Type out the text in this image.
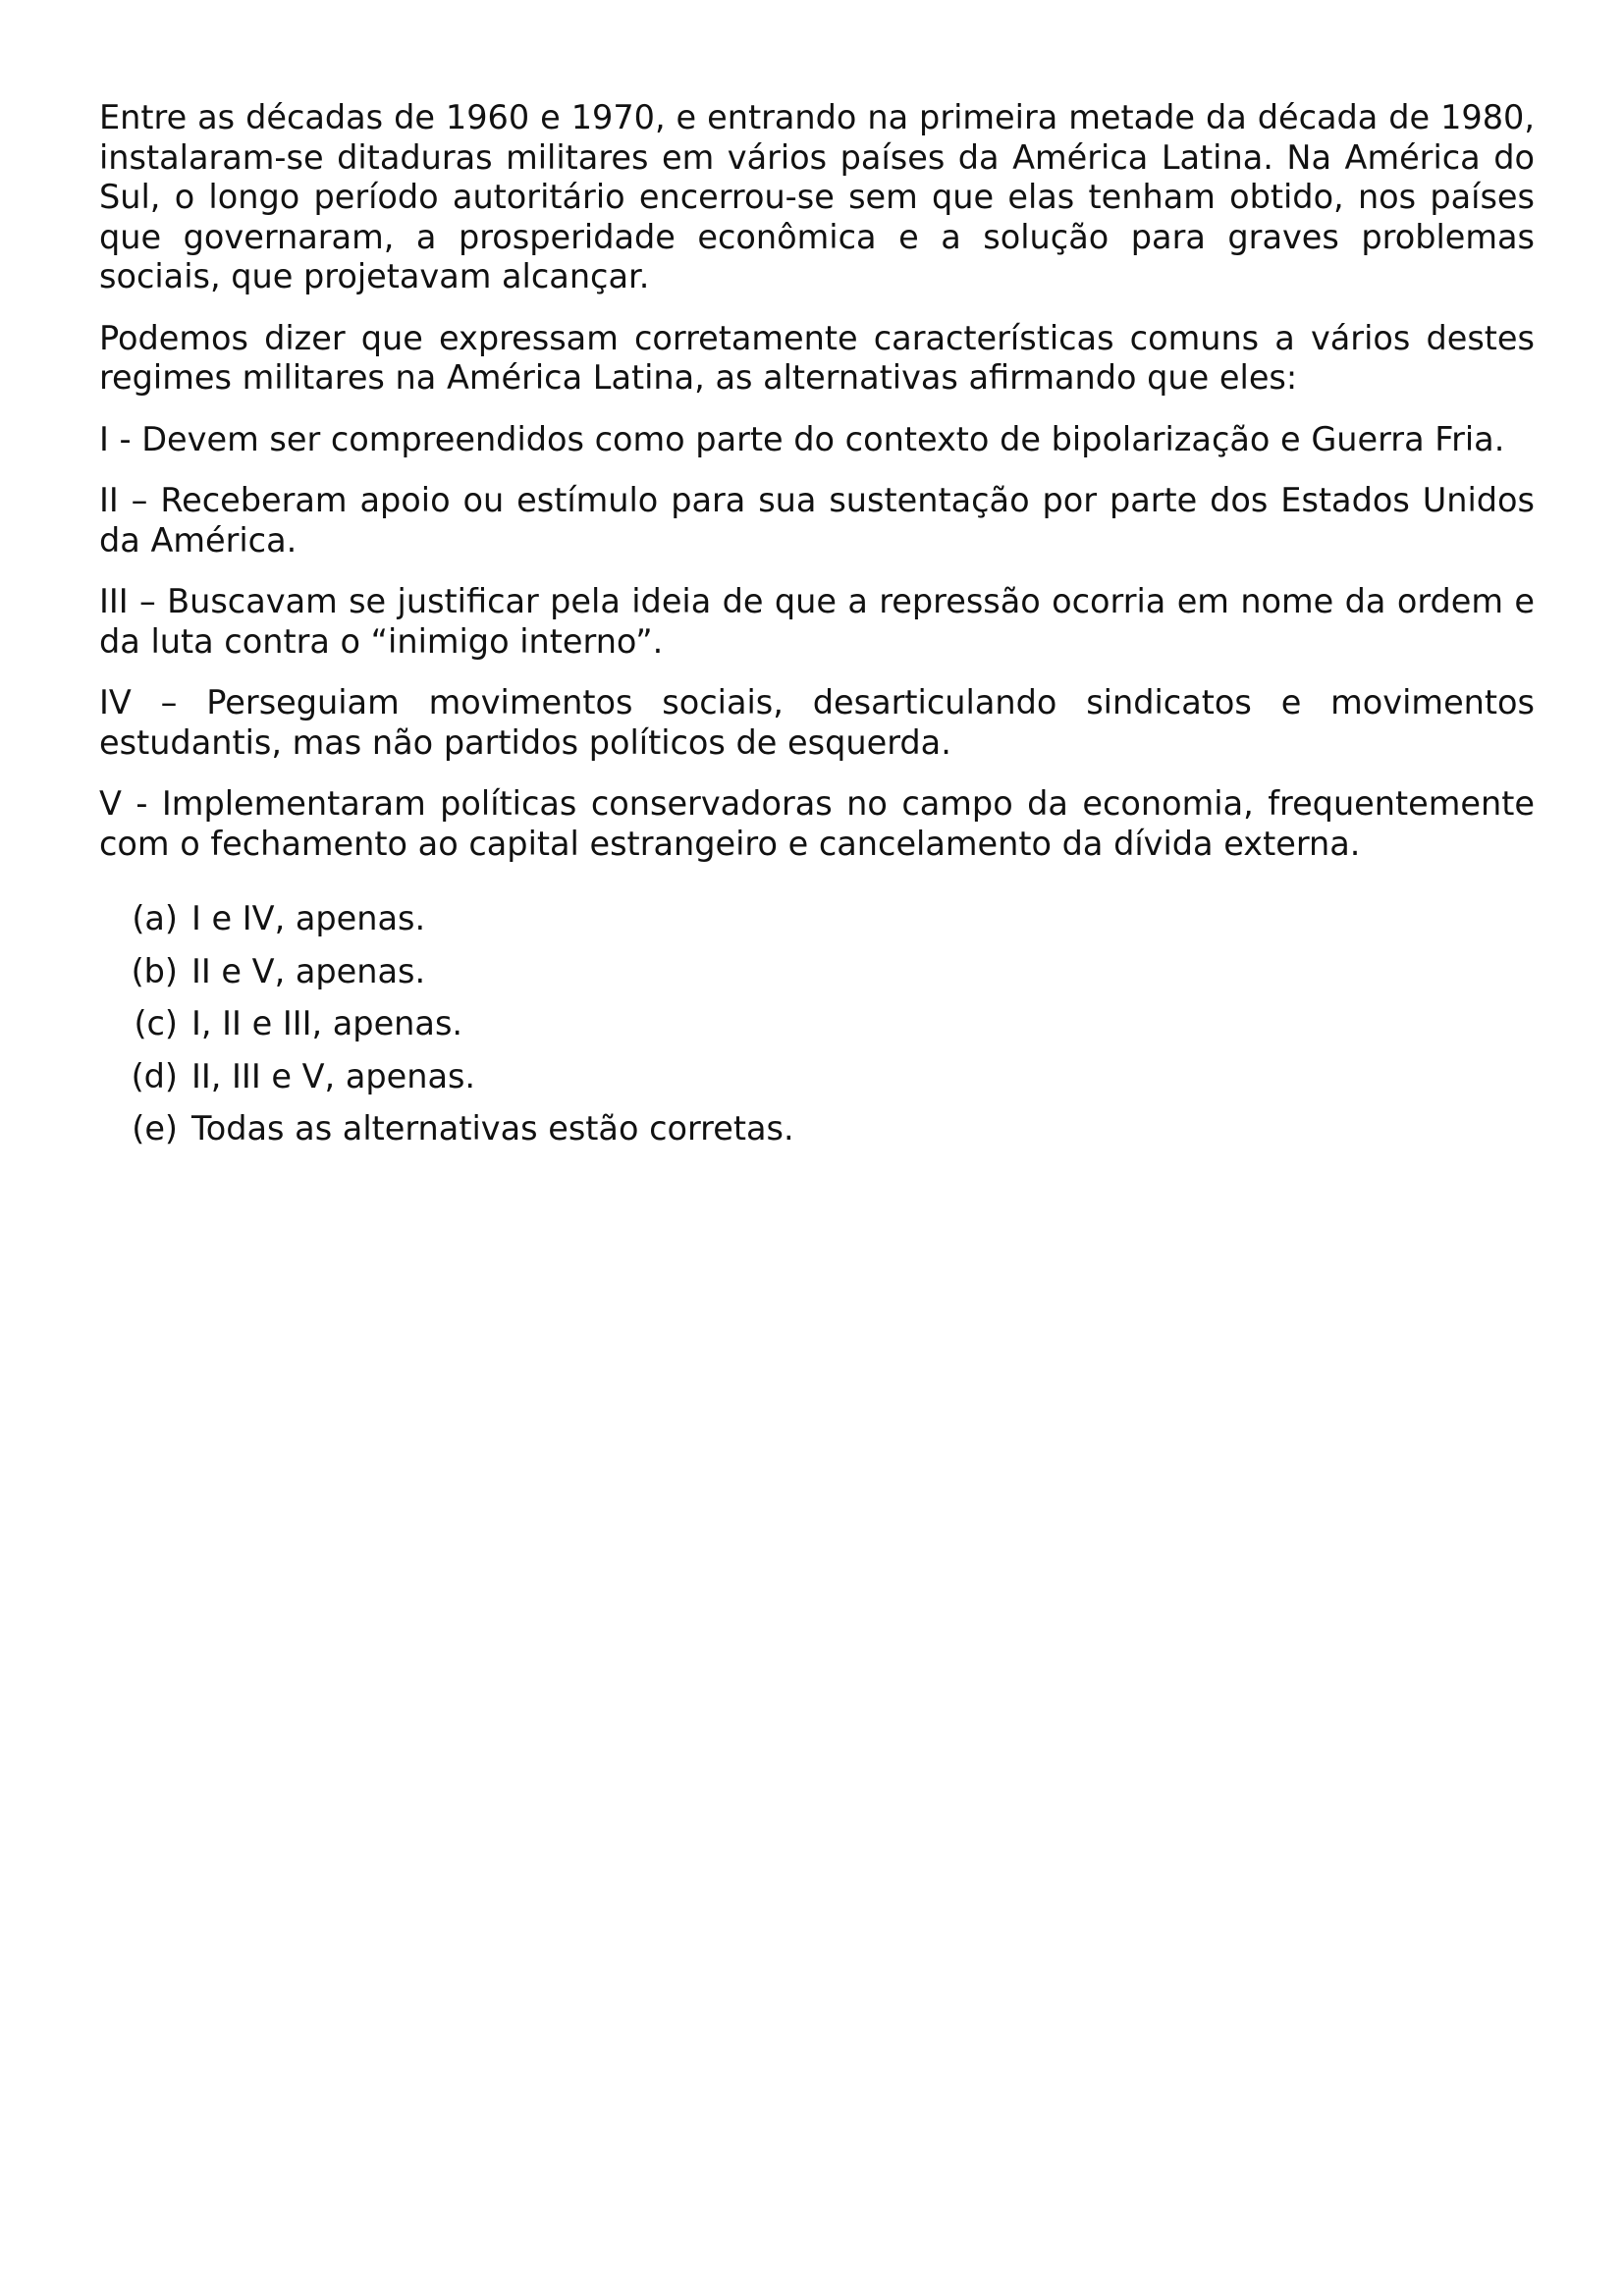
Entre as décadas de 1960 e 1970, e entrando na primeira metade da década de 1980, instalaram-se ditaduras militares em vários países da América Latina. Na América do Sul, o longo período autoritário encerrou-se sem que elas tenham obtido, nos países que governaram, a prosperidade econômica e a solução para graves problemas sociais, que projetavam alcançar.

Podemos dizer que expressam corretamente características comuns a vários destes regimes militares na América Latina, as alternativas afirmando que eles:

I - Devem ser compreendidos como parte do contexto de bipolarização e Guerra Fria.

II – Receberam apoio ou estímulo para sua sustentação por parte dos Estados Unidos da América.

III – Buscavam se justificar pela ideia de que a repressão ocorria em nome da ordem e da luta contra o “inimigo interno”.

IV – Perseguiam movimentos sociais, desarticulando sindicatos e movimentos estudantis, mas não partidos políticos de esquerda.

V - Implementaram políticas conservadoras no campo da economia, frequentemente com o fechamento ao capital estrangeiro e cancelamento da dívida externa.

(a) I e IV, apenas.
(b) II e V, apenas.
(c) I, II e III, apenas.
(d) II, III e V, apenas.
(e) Todas as alternativas estão corretas.
